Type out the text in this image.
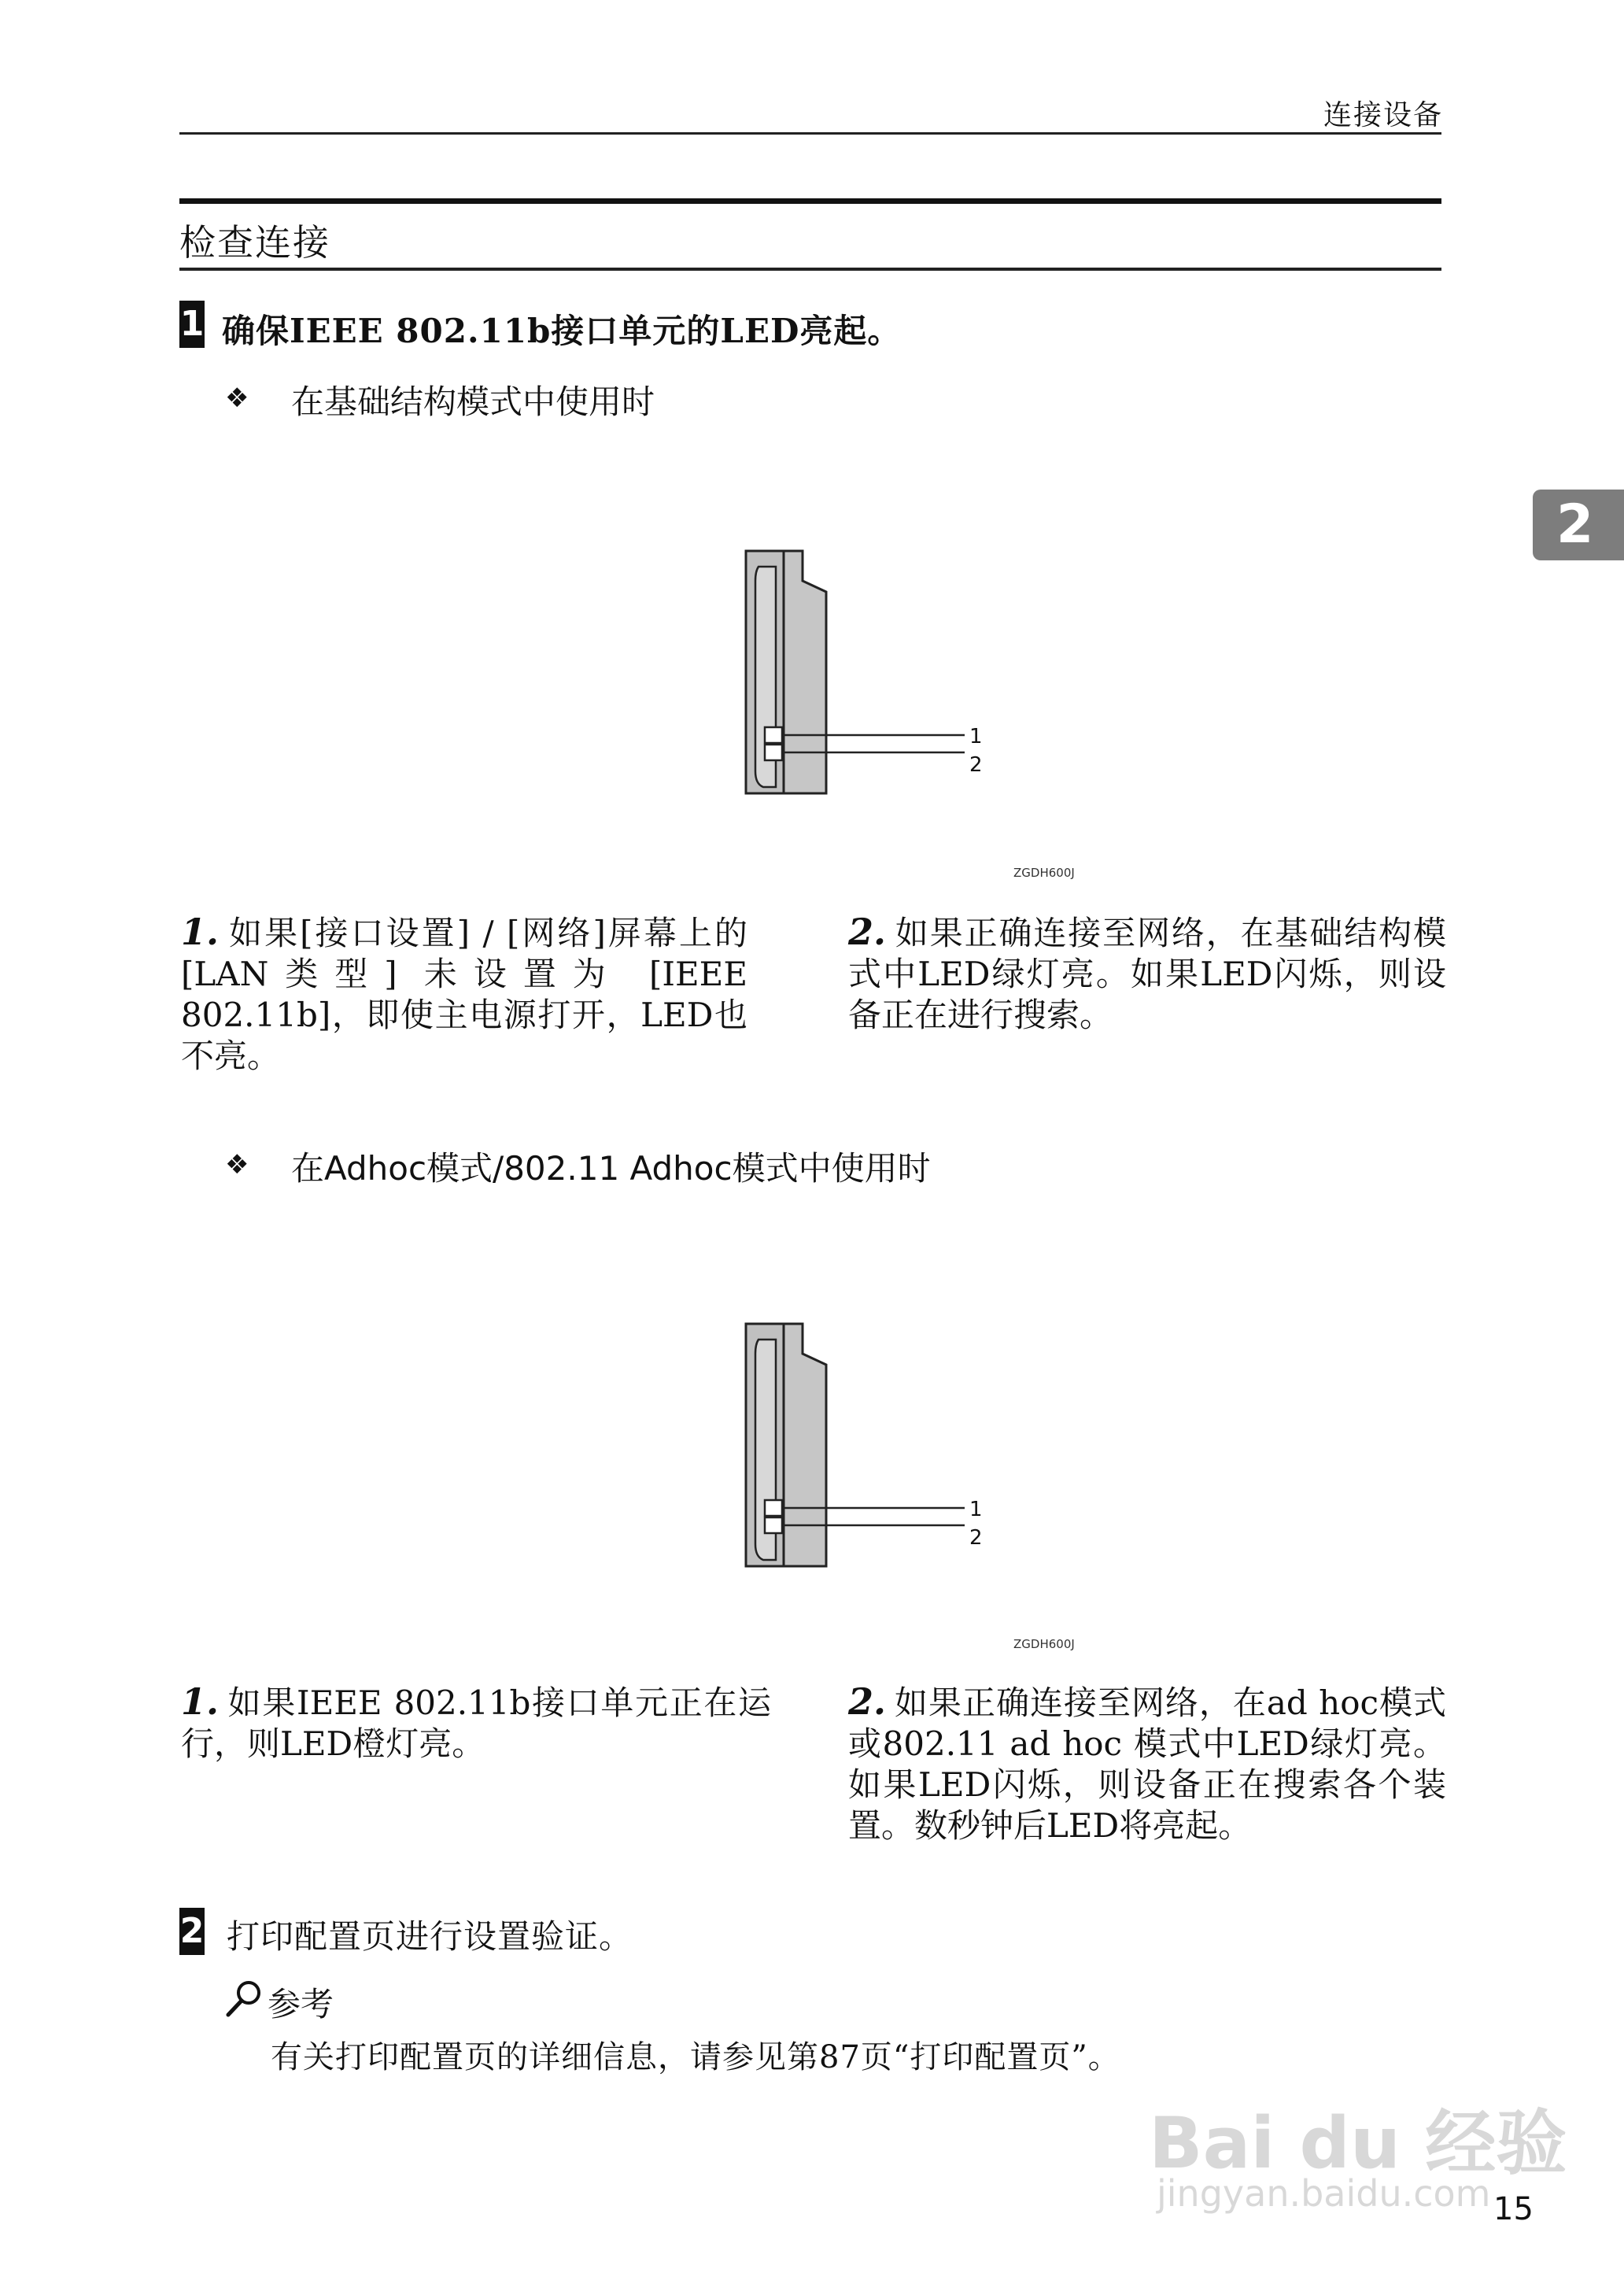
连接设备
检查连接
2
1 确保IEEE 802.11b接口单元的LED亮起。
❖ 在基础结构模式中使用时
1
2
ZGDH600J
1. 如果[接口设置] / [网络]屏幕上的[LAN类型] 未设置为 [IEEE 802.11b]，即使主电源打开，LED也不亮。
2. 如果正确连接至网络，在基础结构模式中LED绿灯亮。如果LED闪烁，则设备正在进行搜索。
❖ 在Adhoc模式/802.11 Adhoc模式中使用时
1
2
ZGDH600J
1. 如果IEEE 802.11b接口单元正在运行，则LED橙灯亮。
2. 如果正确连接至网络，在ad hoc模式或802.11 ad hoc 模式中LED绿灯亮。如果LED闪烁，则设备正在搜索各个装置。数秒钟后LED将亮起。
2 打印配置页进行设置验证。
参考
有关打印配置页的详细信息，请参见第87页“打印配置页”。
Bai du 经验
jingyan.baidu.com 15
